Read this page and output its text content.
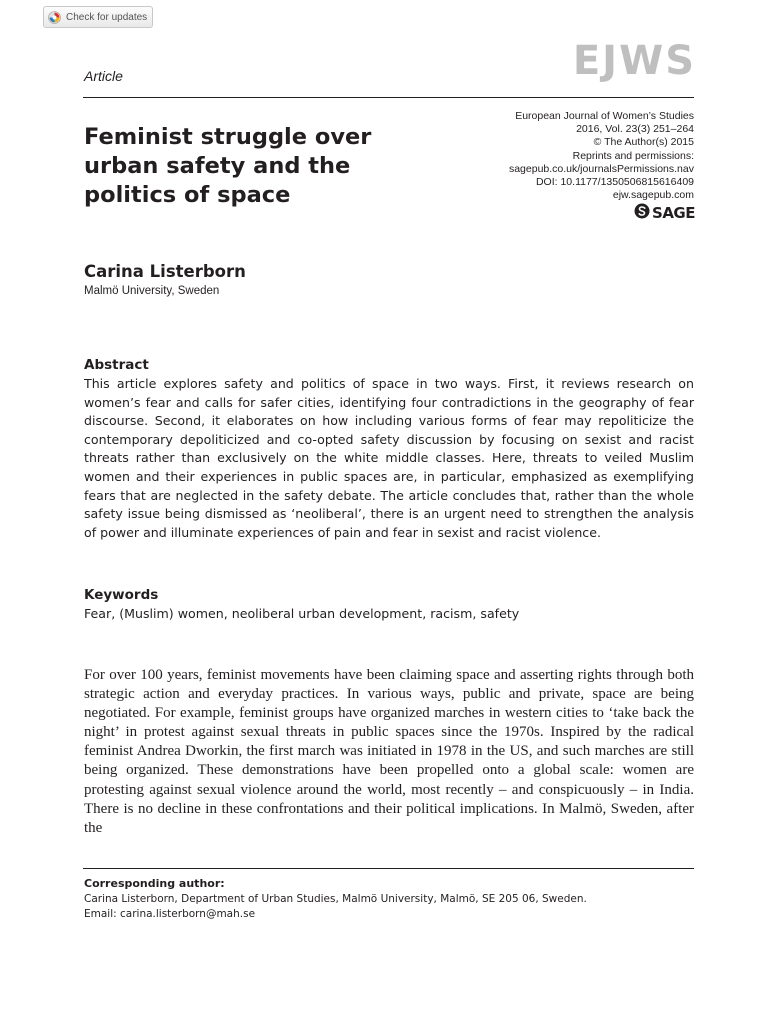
Check for updates
Article	EJWS
Feminist struggle over urban safety and the politics of space
European Journal of Women’s Studies
2016, Vol. 23(3) 251–264
© The Author(s) 2015
Reprints and permissions:
sagepub.co.uk/journalsPermissions.nav
DOI: 10.1177/1350506815616409
ejw.sagepub.com
SAGE
Carina Listerborn
Malmö University, Sweden
Abstract
This article explores safety and politics of space in two ways. First, it reviews research on women’s fear and calls for safer cities, identifying four contradictions in the geography of fear discourse. Second, it elaborates on how including various forms of fear may repoliticize the contemporary depoliticized and co-opted safety discussion by focusing on sexist and racist threats rather than exclusively on the white middle classes. Here, threats to veiled Muslim women and their experiences in public spaces are, in particular, emphasized as exemplifying fears that are neglected in the safety debate. The article concludes that, rather than the whole safety issue being dismissed as ‘neoliberal’, there is an urgent need to strengthen the analysis of power and illuminate experiences of pain and fear in sexist and racist violence.
Keywords
Fear, (Muslim) women, neoliberal urban development, racism, safety
For over 100 years, feminist movements have been claiming space and asserting rights through both strategic action and everyday practices. In various ways, public and private, space are being negotiated. For example, feminist groups have organized marches in western cities to ‘take back the night’ in protest against sexual threats in public spaces since the 1970s. Inspired by the radical feminist Andrea Dworkin, the first march was initiated in 1978 in the US, and such marches are still being organized. These demonstrations have been propelled onto a global scale: women are protesting against sexual violence around the world, most recently – and conspicuously – in India. There is no decline in these confrontations and their political implications. In Malmö, Sweden, after the
Corresponding author:
Carina Listerborn, Department of Urban Studies, Malmö University, Malmö, SE 205 06, Sweden.
Email: carina.listerborn@mah.se
